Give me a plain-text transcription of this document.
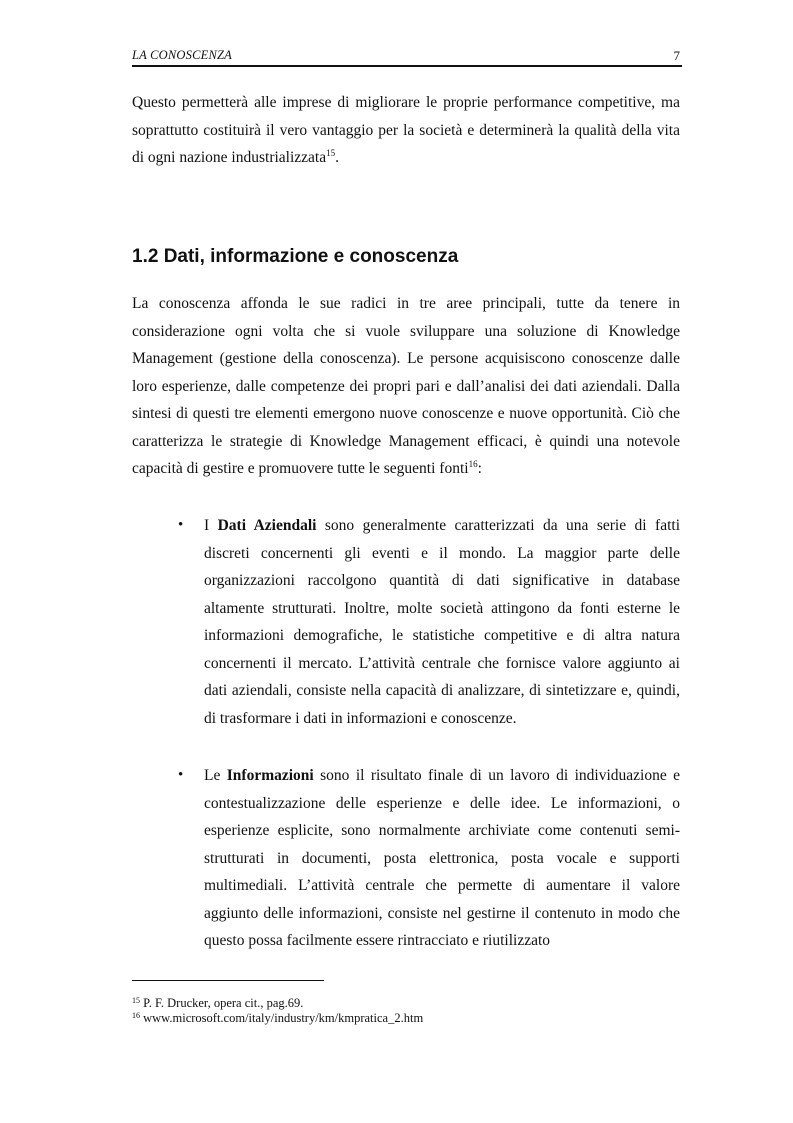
LA CONOSCENZA	7

Questo permetterà alle imprese di migliorare le proprie performance competitive, ma soprattutto costituirà il vero vantaggio per la società e determinerà la qualità della vita di ogni nazione industrializzata$^{15}$.

1.2 Dati, informazione e conoscenza

La conoscenza affonda le sue radici in tre aree principali, tutte da tenere in considerazione ogni volta che si vuole sviluppare una soluzione di Knowledge Management (gestione della conoscenza). Le persone acquisiscono conoscenze dalle loro esperienze, dalle competenze dei propri pari e dall’analisi dei dati aziendali. Dalla sintesi di questi tre elementi emergono nuove conoscenze e nuove opportunità. Ciò che caratterizza le strategie di Knowledge Management efficaci, è quindi una notevole capacità di gestire e promuovere tutte le seguenti fonti$^{16}$:

• I Dati Aziendali sono generalmente caratterizzati da una serie di fatti discreti concernenti gli eventi e il mondo. La maggior parte delle organizzazioni raccolgono quantità di dati significative in database altamente strutturati. Inoltre, molte società attingono da fonti esterne le informazioni demografiche, le statistiche competitive e di altra natura concernenti il mercato. L’attività centrale che fornisce valore aggiunto ai dati aziendali, consiste nella capacità di analizzare, di sintetizzare e, quindi, di trasformare i dati in informazioni e conoscenze.
• Le Informazioni sono il risultato finale di un lavoro di individuazione e contestualizzazione delle esperienze e delle idee. Le informazioni, o esperienze esplicite, sono normalmente archiviate come contenuti semi-strutturati in documenti, posta elettronica, posta vocale e supporti multimediali. L’attività centrale che permette di aumentare il valore aggiunto delle informazioni, consiste nel gestirne il contenuto in modo che questo possa facilmente essere rintracciato e riutilizzato
$^{15}$ P. F. Drucker, opera cit., pag.69.
$^{16}$ www.microsoft.com/italy/industry/km/kmpratica_2.htm
